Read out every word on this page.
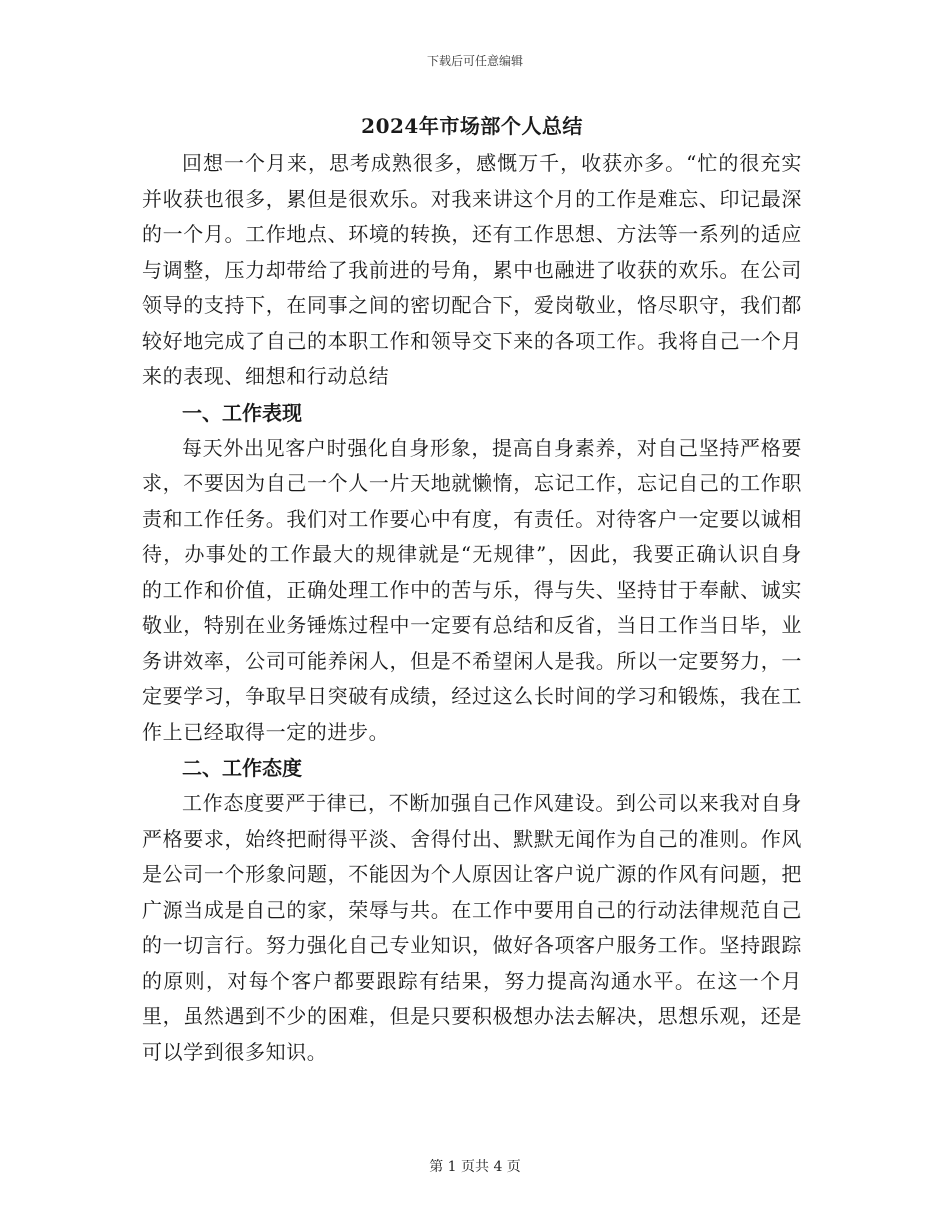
下载后可任意编辑
2024年市场部个人总结

回想一个月来，思考成熟很多，感慨万千，收获亦多。“忙的很充实并收获也很多，累但是很欢乐。对我来讲这个月的工作是难忘、印记最深的一个月。工作地点、环境的转换，还有工作思想、方法等一系列的适应与调整，压力却带给了我前进的号角，累中也融进了收获的欢乐。在公司领导的支持下，在同事之间的密切配合下，爱岗敬业，恪尽职守，我们都较好地完成了自己的本职工作和领导交下来的各项工作。我将自己一个月来的表现、细想和行动总结

一、工作表现

每天外出见客户时强化自身形象，提高自身素养，对自己坚持严格要求，不要因为自己一个人一片天地就懒惰，忘记工作，忘记自己的工作职责和工作任务。我们对工作要心中有度，有责任。对待客户一定要以诚相待，办事处的工作最大的规律就是“无规律”，因此，我要正确认识自身的工作和价值，正确处理工作中的苦与乐，得与失、坚持甘于奉献、诚实敬业，特别在业务锤炼过程中一定要有总结和反省，当日工作当日毕，业务讲效率，公司可能养闲人，但是不希望闲人是我。所以一定要努力，一定要学习，争取早日突破有成绩，经过这么长时间的学习和锻炼，我在工作上已经取得一定的进步。

二、工作态度

工作态度要严于律已，不断加强自己作风建设。到公司以来我对自身严格要求，始终把耐得平淡、舍得付出、默默无闻作为自己的准则。作风是公司一个形象问题，不能因为个人原因让客户说广源的作风有问题，把广源当成是自己的家，荣辱与共。在工作中要用自己的行动法律规范自己的一切言行。努力强化自己专业知识，做好各项客户服务工作。坚持跟踪的原则，对每个客户都要跟踪有结果，努力提高沟通水平。在这一个月里，虽然遇到不少的困难，但是只要积极想办法去解决，思想乐观，还是可以学到很多知识。

第 1 页共 4 页
